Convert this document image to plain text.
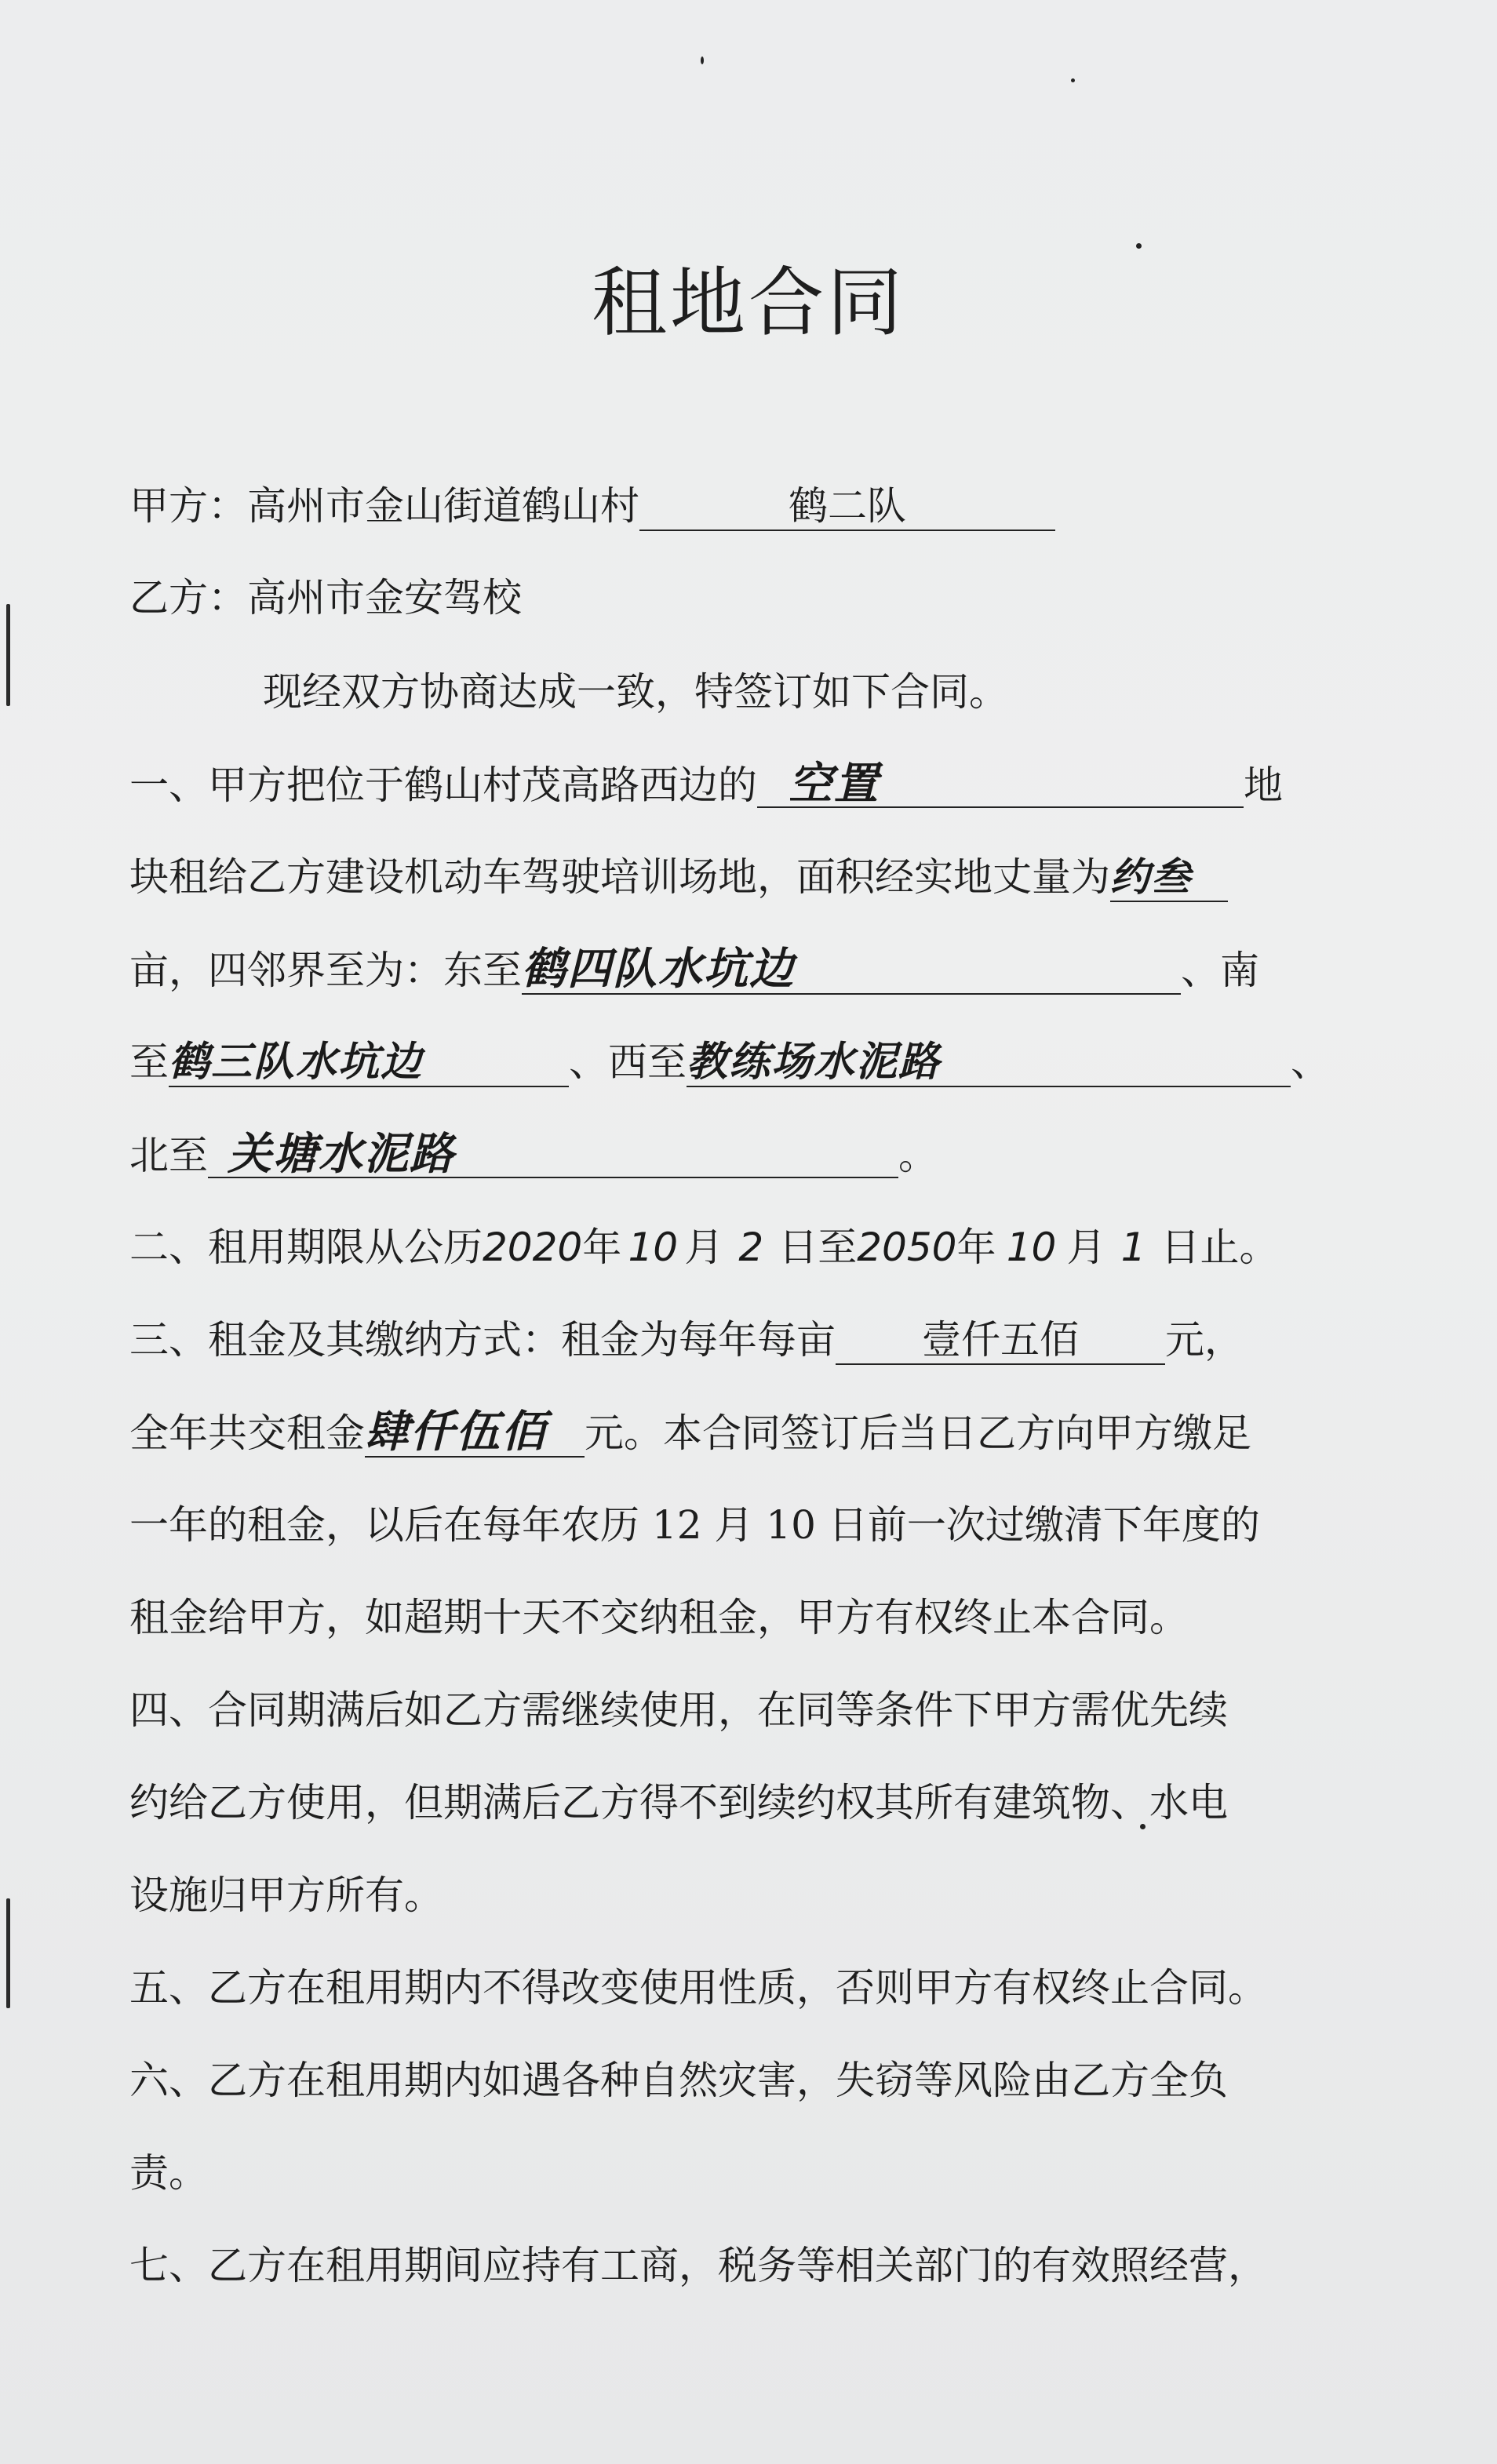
租地合同
甲方：高州市金山街道鹤山村	鹤二队
乙方：高州市金安驾校
现经双方协商达成一致，特签订如下合同。
一、甲方把位于鹤山村茂高路西边的 空置	地
块租给乙方建设机动车驾驶培训场地，面积经实地丈量为约叁
亩，四邻界至为：东至鹤四队水坑边	、南
至鹤三队水坑边	、西至教练场水泥路	、
北至 关塘水泥路	。
二、租用期限从公历2020年 10 月 2 日至2050年 10 月 1 日止。
三、租金及其缴纳方式：租金为每年每亩 壹仟五佰 元，
全年共交租金肆仟伍佰 元。本合同签订后当日乙方向甲方缴足
一年的租金，以后在每年农历 12 月 10 日前一次过缴清下年度的
租金给甲方，如超期十天不交纳租金，甲方有权终止本合同。
四、合同期满后如乙方需继续使用，在同等条件下甲方需优先续
约给乙方使用，但期满后乙方得不到续约权其所有建筑物、水电
设施归甲方所有。
五、乙方在租用期内不得改变使用性质，否则甲方有权终止合同。
六、乙方在租用期内如遇各种自然灾害，失窃等风险由乙方全负
责。
七、乙方在租用期间应持有工商，税务等相关部门的有效照经营，
